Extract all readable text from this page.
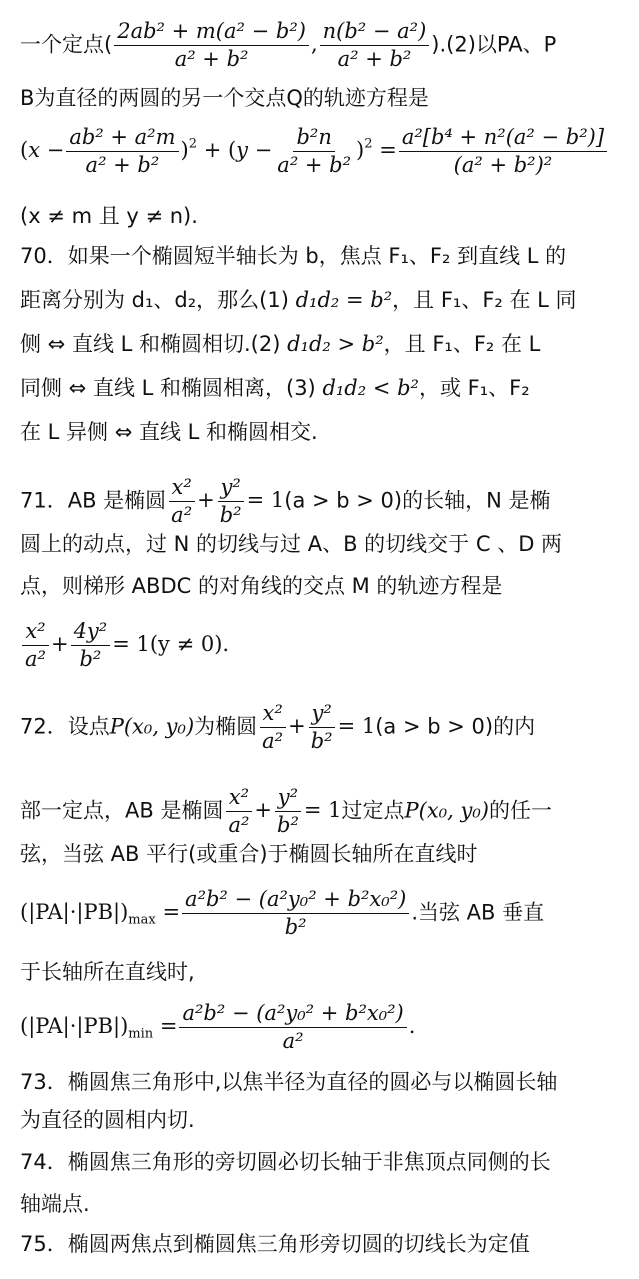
一个定点( $\frac{\text{2ab² + m(a² − b²)}}{\text{a² + b²}}$ , $\frac{\text{n(b² − a²)}}{\text{a² + b²}} ).(2)$以PA、P
B为直径的两圆的另一个交点Q的轨迹方程是
$(x - \frac{\text{ab² + a²m}}{\text{a² + b²}} )^2 + (y - \frac{\text{b²n}}{\text{a² + b²}} )^2 = \frac{\text{a²[b⁴ + n²(a² − b²)]}}{\text{(a² + b²)²}}$
(x ≠ m 且 y ≠ n).
70．如果一个椭圆短半轴长为 b，焦点 F₁、F₂ 到直线 L 的
距离分别为 d₁、d₂，那么(1) d₁d₂ = b²，且 F₁、F₂ 在 L 同
侧 ⇔ 直线 L 和椭圆相切.(2) d₁d₂ > b²，且 F₁、F₂ 在 L
同侧 ⇔ 直线 L 和椭圆相离，(3) d₁d₂ < b²，或 F₁、F₂
在 L 异侧 ⇔ 直线 L 和椭圆相交.
71．AB 是椭圆 $\frac{\text{x²}}{\text{a²}} + \frac{\text{y²}}{\text{b²}} = 1(a > b > 0)$的长轴，N 是椭
圆上的动点，过 N 的切线与过 A、B 的切线交于 C 、D 两
点，则梯形 ABDC 的对角线的交点 M 的轨迹方程是
$\frac{\text{x²}}{\text{a²}} + \frac{\text{4y²}}{\text{b²}} = 1(y \ne 0)$.
72．设点P(x₀, y₀)为椭圆 $\frac{\text{x²}}{\text{a²}} + \frac{\text{y²}}{\text{b²}} = 1(a > b > 0)$的内
部一定点，AB 是椭圆 $\frac{\text{x²}}{\text{a²}} + \frac{\text{y²}}{\text{b²}} = 1$过定点P(x₀, y₀)的任一
弦，当弦 AB 平行(或重合)于椭圆长轴所在直线时
$(|PA|\cdot|PB|)_{max} = \frac{\text{a²b² − (a²y₀² + b²x₀²)}}{\text{b²}}$ .当弦 AB 垂直
于长轴所在直线时,
$(|PA|\cdot|PB|)_{min} = \frac{\text{a²b² − (a²y₀² + b²x₀²)}}{\text{a²}}$ .
73．椭圆焦三角形中,以焦半径为直径的圆必与以椭圆长轴
为直径的圆相内切.
74．椭圆焦三角形的旁切圆必切长轴于非焦顶点同侧的长
轴端点.
75．椭圆两焦点到椭圆焦三角形旁切圆的切线长为定值
